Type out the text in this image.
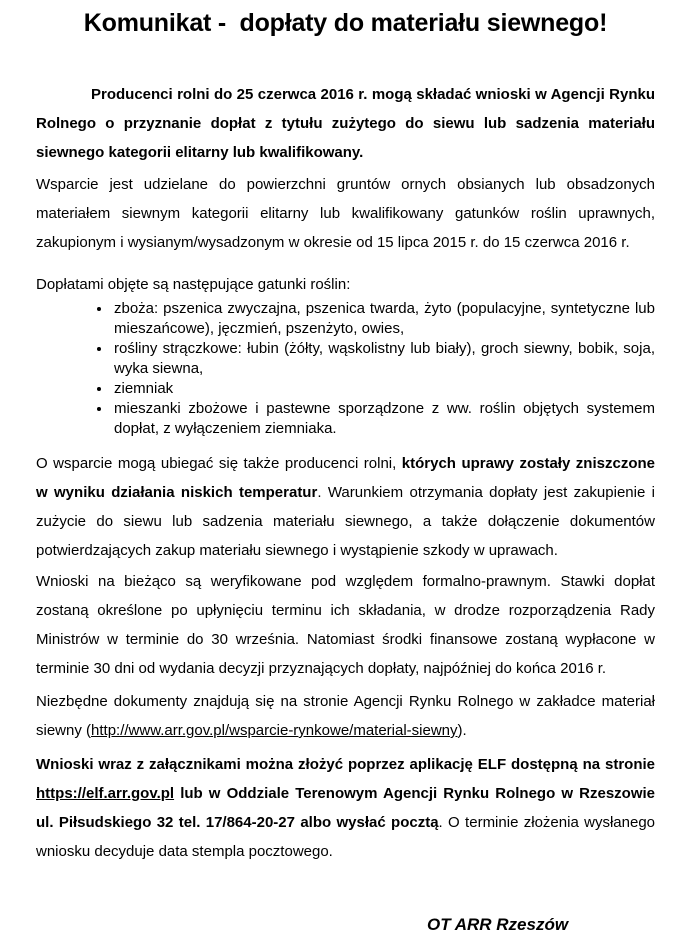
Komunikat -  dopłaty do materiału siewnego!

Producenci rolni do 25 czerwca 2016 r. mogą składać wnioski w Agencji Rynku Rolnego o przyznanie dopłat z tytułu zużytego do siewu lub sadzenia materiału siewnego kategorii elitarny lub kwalifikowany.

Wsparcie jest udzielane do powierzchni gruntów ornych obsianych lub obsadzonych materiałem siewnym kategorii elitarny lub kwalifikowany gatunków roślin uprawnych, zakupionym i wysianym/wysadzonym w okresie od 15 lipca 2015 r. do 15 czerwca 2016 r.

Dopłatami objęte są następujące gatunki roślin:

• zboża: pszenica zwyczajna, pszenica twarda, żyto (populacyjne, syntetyczne lub mieszańcowe), jęczmień, pszenżyto, owies,
• rośliny strączkowe: łubin (żółty, wąskolistny lub biały), groch siewny, bobik, soja, wyka siewna,
• ziemniak
• mieszanki zbożowe i pastewne sporządzone z ww. roślin objętych systemem dopłat, z wyłączeniem ziemniaka.

O wsparcie mogą ubiegać się także producenci rolni, których uprawy zostały zniszczone w wyniku działania niskich temperatur. Warunkiem otrzymania dopłaty jest zakupienie i zużycie do siewu lub sadzenia materiału siewnego, a także dołączenie dokumentów potwierdzających zakup materiału siewnego i wystąpienie szkody w uprawach.

Wnioski na bieżąco są weryfikowane pod względem formalno-prawnym. Stawki dopłat zostaną określone po upłynięciu terminu ich składania, w drodze rozporządzenia Rady Ministrów w terminie do 30 września. Natomiast środki finansowe zostaną wypłacone w terminie 30 dni od wydania decyzji przyznających dopłaty, najpóźniej do końca 2016 r.

Niezbędne dokumenty znajdują się na stronie Agencji Rynku Rolnego w zakładce materiał siewny (http://www.arr.gov.pl/wsparcie-rynkowe/material-siewny).

Wnioski wraz z załącznikami można złożyć poprzez aplikację ELF dostępną na stronie https://elf.arr.gov.pl lub w Oddziale Terenowym Agencji Rynku Rolnego w Rzeszowie ul. Piłsudskiego 32 tel. 17/864-20-27 albo wysłać pocztą. O terminie złożenia wysłanego wniosku decyduje data stempla pocztowego.

OT ARR Rzeszów
